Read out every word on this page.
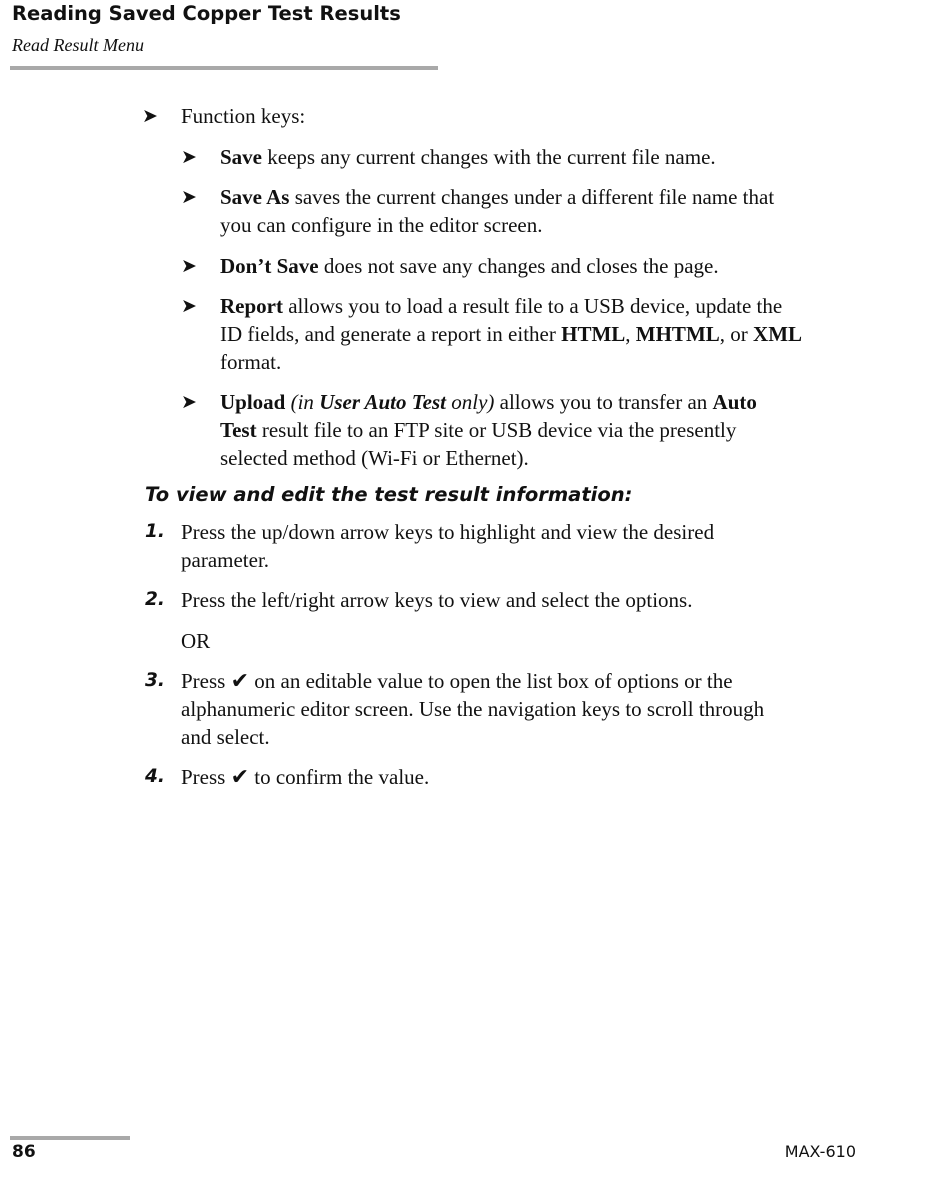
Reading Saved Copper Test Results

Read Result Menu

➤ Function keys:
➤ Save keeps any current changes with the current file name.
➤ Save As saves the current changes under a different file name that
you can configure in the editor screen.
➤ Don’t Save does not save any changes and closes the page.
➤ Report allows you to load a result file to a USB device, update the
ID fields, and generate a report in either HTML, MHTML, or XML
format.
➤ Upload (in User Auto Test only) allows you to transfer an Auto
Test result file to an FTP site or USB device via the presently
selected method (Wi-Fi or Ethernet).
To view and edit the test result information:
1. Press the up/down arrow keys to highlight and view the desired
parameter.
2. Press the left/right arrow keys to view and select the options.
OR
3. Press ✔ on an editable value to open the list box of options or the
alphanumeric editor screen. Use the navigation keys to scroll through
and select.
4. Press ✔ to confirm the value.
86	MAX-610
